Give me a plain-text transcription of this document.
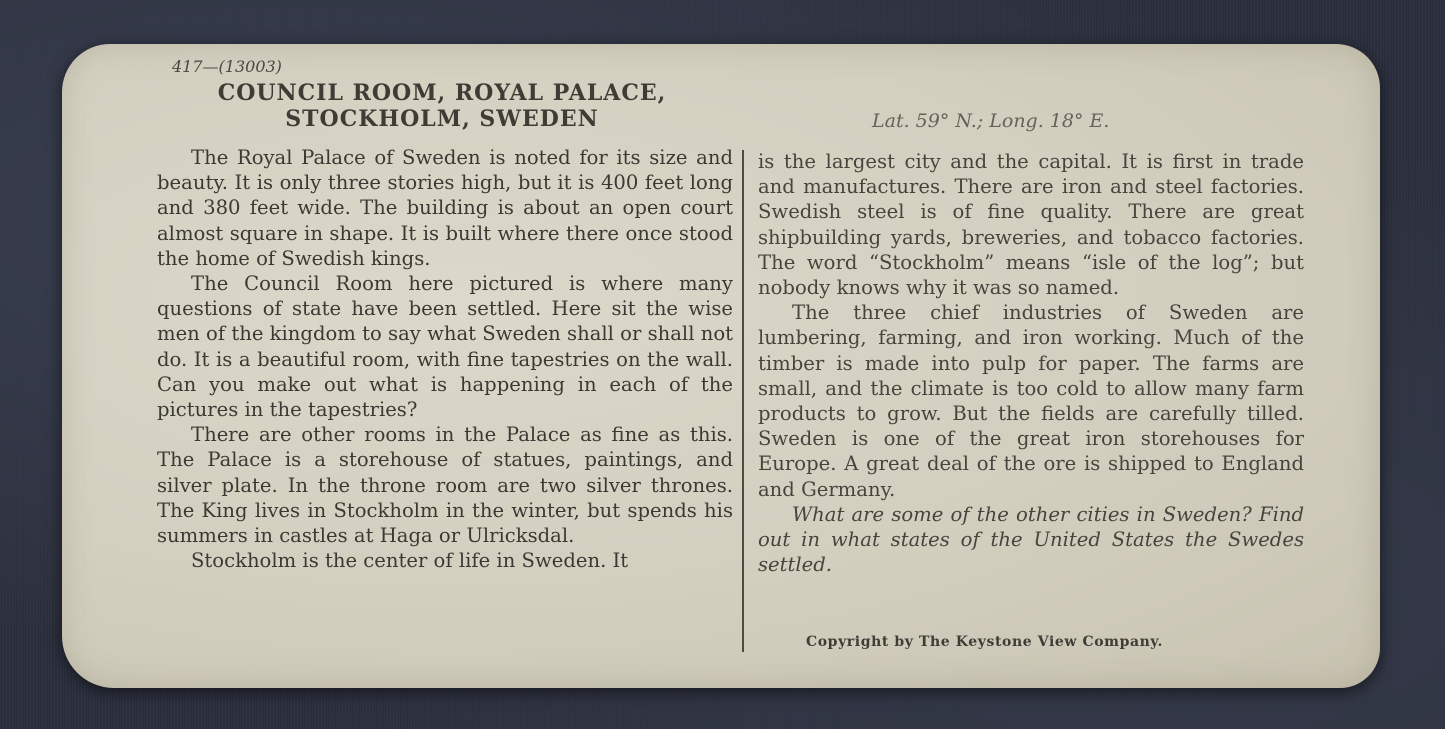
417—(13003)
COUNCIL ROOM, ROYAL PALACE,
STOCKHOLM, SWEDEN	Lat. 59° N.; Long. 18° E.

The Royal Palace of Sweden is noted for its size and beauty. It is only three stories high, but it is 400 feet long and 380 feet wide. The building is about an open court almost square in shape. It is built where there once stood the home of Swedish kings.

The Council Room here pictured is where many questions of state have been settled. Here sit the wise men of the kingdom to say what Sweden shall or shall not do. It is a beautiful room, with fine tapestries on the wall. Can you make out what is happening in each of the pictures in the tapestries?

There are other rooms in the Palace as fine as this. The Palace is a storehouse of statues, paintings, and silver plate. In the throne room are two silver thrones. The King lives in Stockholm in the winter, but spends his summers in castles at Haga or Ulricksdal.

Stockholm is the center of life in Sweden. It

is the largest city and the capital. It is first in trade and manufactures. There are iron and steel factories. Swedish steel is of fine quality. There are great shipbuilding yards, breweries, and tobacco factories. The word “Stockholm” means “isle of the log”; but nobody knows why it was so named.

The three chief industries of Sweden are lumbering, farming, and iron working. Much of the timber is made into pulp for paper. The farms are small, and the climate is too cold to allow many farm products to grow. But the fields are carefully tilled. Sweden is one of the great iron storehouses for Europe. A great deal of the ore is shipped to England and Germany.

What are some of the other cities in Sweden? Find out in what states of the United States the Swedes settled.

Copyright by The Keystone View Company.
